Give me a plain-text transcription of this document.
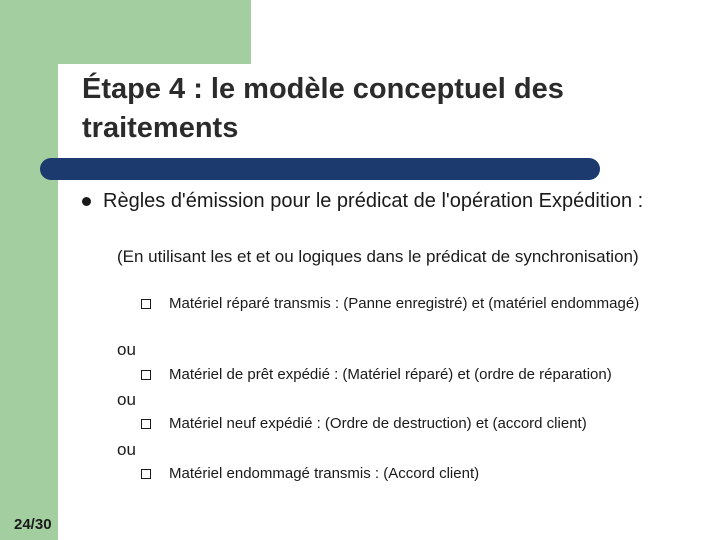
Étape 4 : le modèle conceptuel des traitements
Règles d'émission pour le prédicat de l'opération Expédition :
(En utilisant les et et ou logiques dans le prédicat de synchronisation)
Matériel réparé transmis : (Panne enregistré) et (matériel endommagé)
ou
Matériel de prêt expédié : (Matériel réparé) et (ordre de réparation)
ou
Matériel neuf expédié : (Ordre de destruction) et (accord client)
ou
Matériel endommagé transmis : (Accord client)
24/30
